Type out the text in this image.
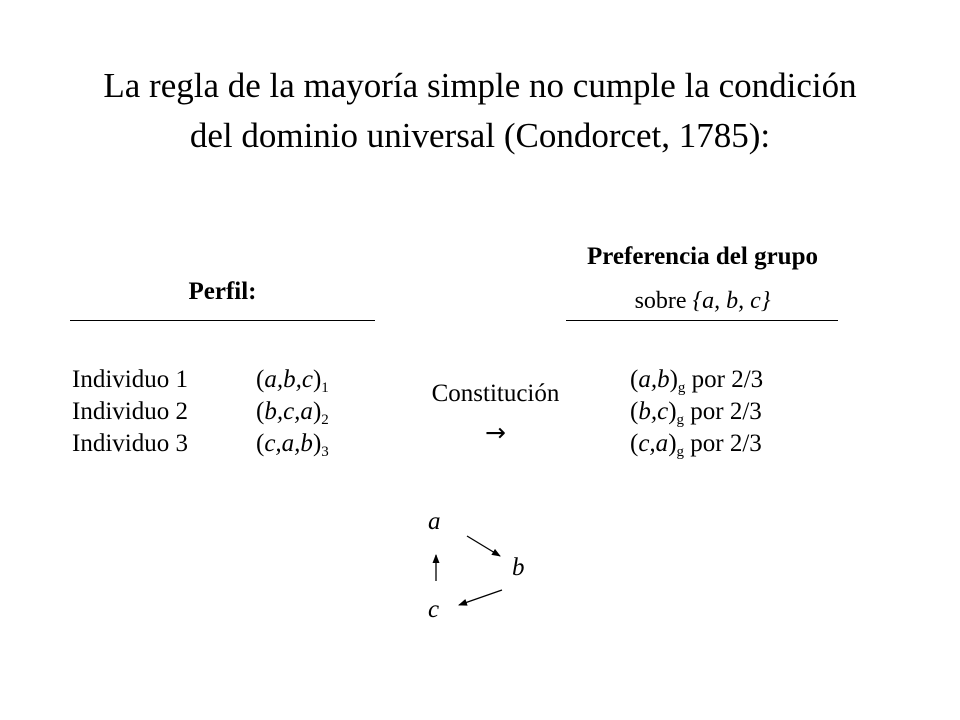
La regla de la mayoría simple no cumple la condición
del dominio universal (Condorcet, 1785):
Perfil:
Individuo 1	$(a,b,c)_1$
Individuo 2	$(b,c,a)_2$
Individuo 3	$(c,a,b)_3$
Constitución
→
Preferencia del grupo
sobre {a, b, c}
$(a,b)_g$ por 2/3
$(b,c)_g$ por 2/3
$(c,a)_g$ por 2/3
a
b
c
